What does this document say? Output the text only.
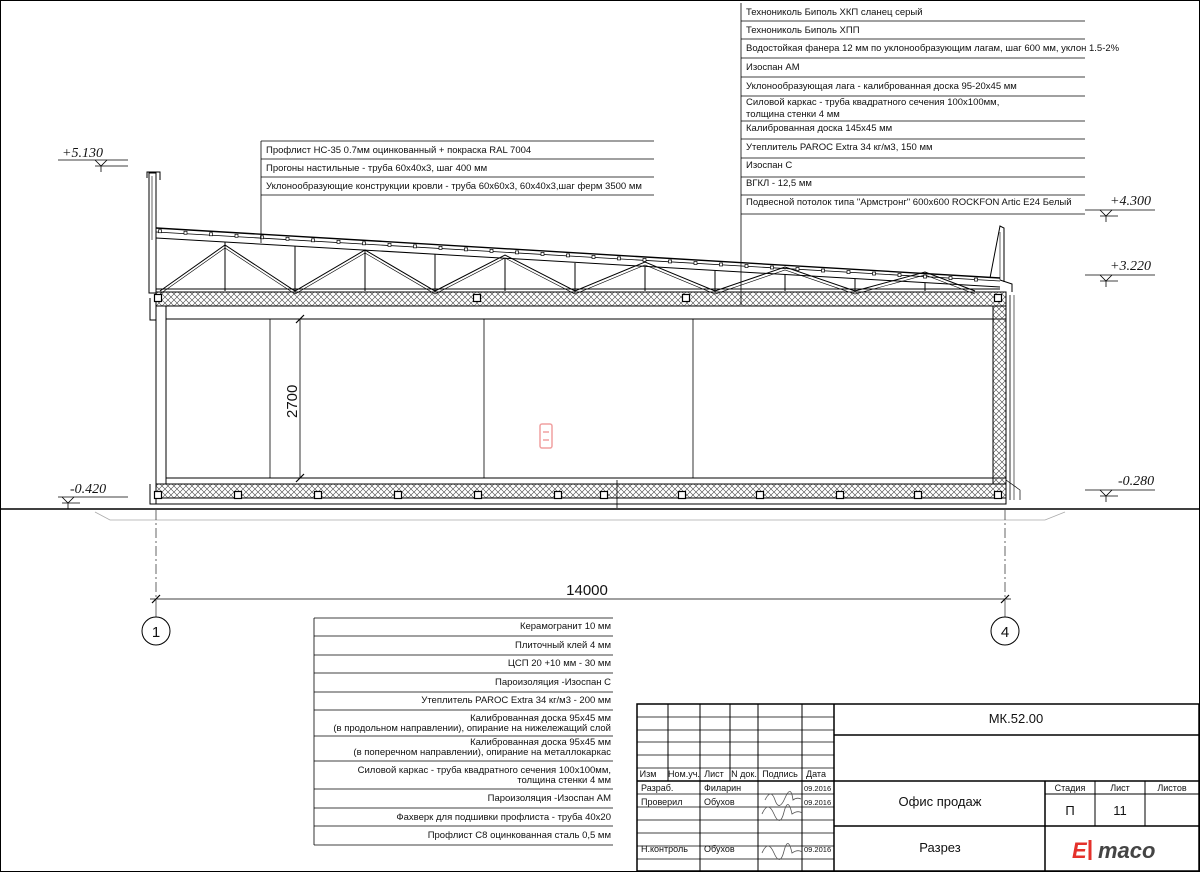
2700
14000
1	4
+5.130
+4.300
+3.220
-0.420
-0.280
Технониколь Биполь ХКП сланец серый
Технониколь Биполь ХПП
Водостойкая фанера 12 мм по уклонообразующим лагам, шаг 600 мм, уклон 1.5-2%
Изоспан АМ
Уклонообразующая лага - калиброванная доска 95-20х45 мм
Силовой каркас - труба квадратного сечения 100х100мм,
толщина стенки 4 мм
Калиброванная доска 145х45 мм
Утеплитель PAROC Extra 34 кг/м3, 150 мм
Изоспан С
ВГКЛ - 12,5 мм
Подвесной потолок типа "Армстронг" 600х600 ROCKFON Artic E24 Белый
Профлист НС-35 0.7мм оцинкованный + покраска RAL 7004
Прогоны настильные - труба 60х40х3, шаг 400 мм
Уклонообразующие конструкции кровли - труба 60х60х3, 60х40х3,шаг ферм 3500 мм
Керамогранит 10 мм
Плиточный клей 4 мм
ЦСП 20 +10 мм - 30 мм
Пароизоляция -Изоспан С
Утеплитель PAROC Extra 34 кг/м3 - 200 мм
Калиброванная доска 95х45 мм
(в продольном направлении), опирание на нижележащий слой
Калиброванная доска 95х45 мм
(в поперечном направлении), опирание на металлокаркас
Силовой каркас - труба квадратного сечения 100х100мм,
толщина стенки 4 мм
Пароизоляция -Изоспан АМ
Фахверк для подшивки профлиста - труба 40х20
Профлист С8 оцинкованная сталь 0,5 мм
Изм Ном.уч. Лист N док. Подпись Дата
Разраб.	Филарин	09.2016
Проверил Обухов	09.2016
Н.контроль Обухов	09.2016
МК.52.00
Офис продаж
Разрез
Стадия	Лист	Листов
П	11
E maco
